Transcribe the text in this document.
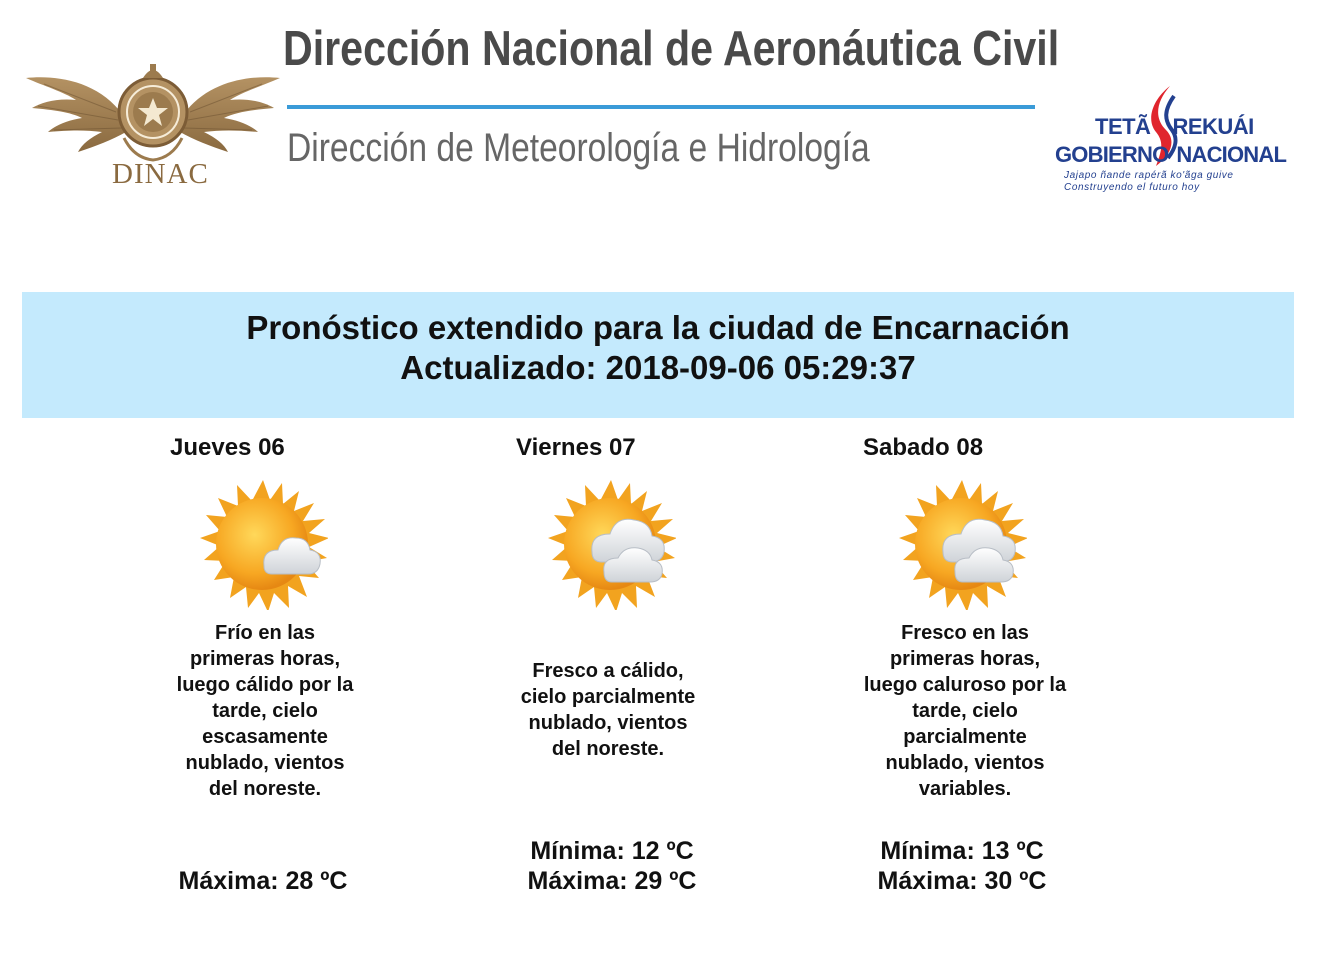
DINAC
Dirección Nacional de Aeronáutica Civil
Dirección de Meteorología e Hidrología	TETÃ REKUÁI
GOBIERNO NACIONAL
Jajapo ñande rapérã ko'ãga guive
Construyendo el futuro hoy
Pronóstico extendido para la ciudad de Encarnación
Actualizado: 2018-09-06 05:29:37
Jueves 06
Frío en las primeras horas, luego cálido por la tarde, cielo escasamente nublado, vientos del noreste.
Máxima: 28 ºC
Viernes 07
Fresco a cálido, cielo parcialmente nublado, vientos del noreste.
Mínima: 12 ºC
Máxima: 29 ºC
Sabado 08
Fresco en las primeras horas, luego caluroso por la tarde, cielo parcialmente nublado, vientos variables.
Mínima: 13 ºC
Máxima: 30 ºC
